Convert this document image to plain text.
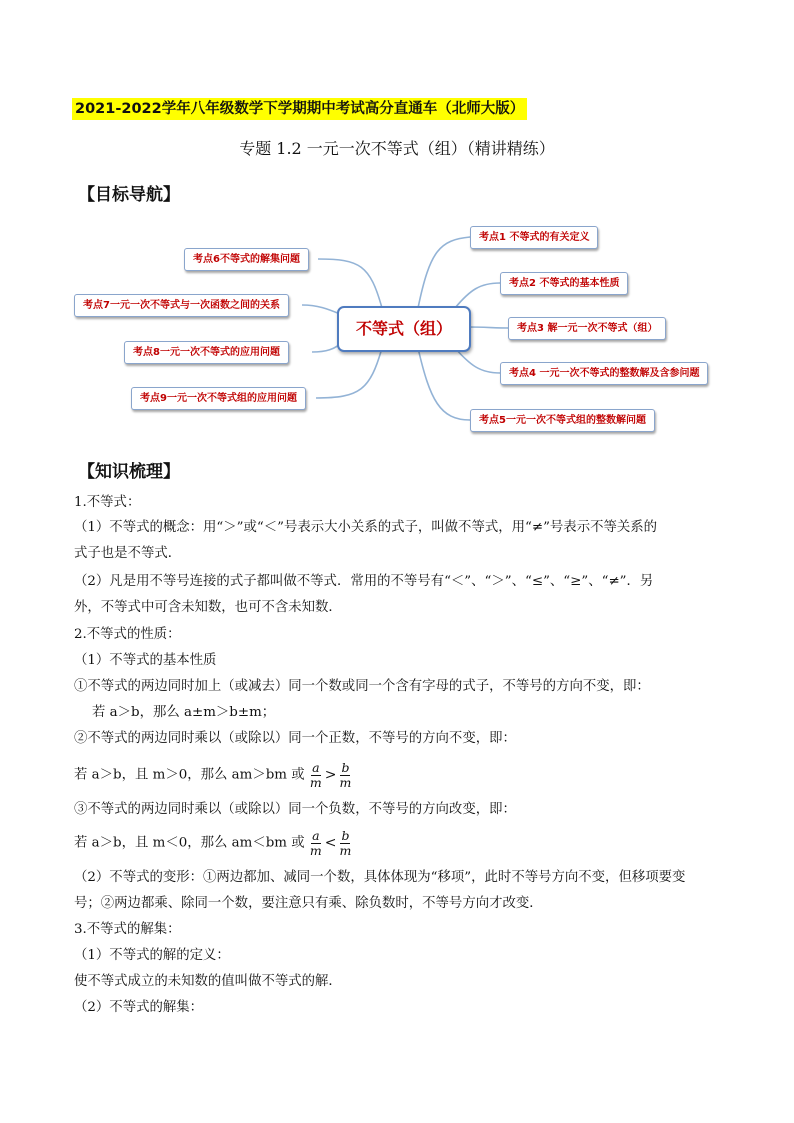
2021-2022学年八年级数学下学期期中考试高分直通车（北师大版）
专题 1.2 一元一次不等式（组）（精讲精练）
【目标导航】
不等式（组）
考点1 不等式的有关定义
考点2 不等式的基本性质
考点3 解一元一次不等式（组）
考点4 一元一次不等式的整数解及含参问题
考点5一元一次不等式组的整数解问题
考点6不等式的解集问题
考点7一元一次不等式与一次函数之间的关系
考点8一元一次不等式的应用问题
考点9一元一次不等式组的应用问题
【知识梳理】
1.不等式：
（1）不等式的概念：用“＞”或“＜”号表示大小关系的式子，叫做不等式，用“≠”号表示不等关系的
式子也是不等式．
（2）凡是用不等号连接的式子都叫做不等式．常用的不等号有“＜”、“＞”、“≤”、“≥”、“≠”．另
外，不等式中可含未知数，也可不含未知数．
2.不等式的性质：
（1）不等式的基本性质
①不等式的两边同时加上（或减去）同一个数或同一个含有字母的式子，不等号的方向不变，即：
若 a＞b，那么 a±m＞b±m；
②不等式的两边同时乘以（或除以）同一个正数，不等号的方向不变，即：
若 a＞b，且 m＞0，那么 am＞bm 或 $\frac{a}{m} > \frac{b}{m}$
③不等式的两边同时乘以（或除以）同一个负数，不等号的方向改变，即：
若 a＞b，且 m＜0，那么 am＜bm 或 $\frac{a}{m} < \frac{b}{m}$
（2）不等式的变形：①两边都加、减同一个数，具体体现为“移项”，此时不等号方向不变，但移项要变
号；②两边都乘、除同一个数，要注意只有乘、除负数时，不等号方向才改变．
3.不等式的解集：
（1）不等式的解的定义：
使不等式成立的未知数的值叫做不等式的解．
（2）不等式的解集：
